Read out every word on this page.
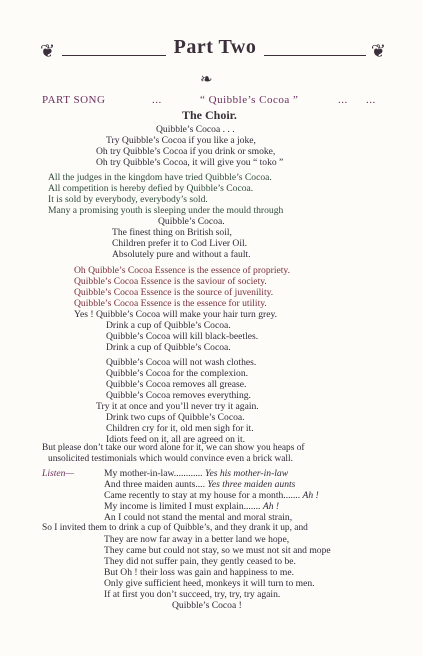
❦	Part Two	❦
❧
PART SONG	...	“ Quibble’s Cocoa ”	... ...
The Choir.
Quibble’s Cocoa . . .
Try Quibble’s Cocoa if you like a joke,
Oh try Quibble’s Cocoa if you drink or smoke,
Oh try Quibble’s Cocoa, it will give you “ toko ”
All the judges in the kingdom have tried Quibble’s Cocoa.
All competition is hereby defied by Quibble’s Cocoa.
It is sold by everybody, everybody’s sold.
Many a promising youth is sleeping under the mould through
Quibble’s Cocoa.
The finest thing on British soil,
Children prefer it to Cod Liver Oil.
Absolutely pure and without a fault.
Oh Quibble’s Cocoa Essence is the essence of propriety.
Quibble’s Cocoa Essence is the saviour of society.
Quibble’s Cocoa Essence is the source of juvenility.
Quibble’s Cocoa Essence is the essence for utility.
Yes ! Quibble’s Cocoa will make your hair turn grey.
Drink a cup of Quibble’s Cocoa.
Quibble’s Cocoa will kill black-beetles.
Drink a cup of Quibble’s Cocoa.
Quibble’s Cocoa will not wash clothes.
Quibble’s Cocoa for the complexion.
Quibble’s Cocoa removes all grease.
Quibble’s Cocoa removes everything.
Try it at once and you’ll never try it again.
Drink two cups of Quibble’s Cocoa.
Children cry for it, old men sigh for it.
Idiots feed on it, all are agreed on it.
But please don’t take our word alone for it, we can show you heaps of
unsolicited testimonials which would convince even a brick wall.
Listen—	My mother-in-law............ Yes his mother-in-law
And three maiden aunts.... Yes three maiden aunts
Came recently to stay at my house for a month....... Ah !
My income is limited I must explain....... Ah !
An I could not stand the mental and moral strain,
So I invited them to drink a cup of Quibble’s, and they drank it up, and
They are now far away in a better land we hope,
They came but could not stay, so we must not sit and mope
They did not suffer pain, they gently ceased to be.
But Oh ! their loss was gain and happiness to me.
Only give sufficient heed, monkeys it will turn to men.
If at first you don’t succeed, try, try, try again.
Quibble’s Cocoa !
